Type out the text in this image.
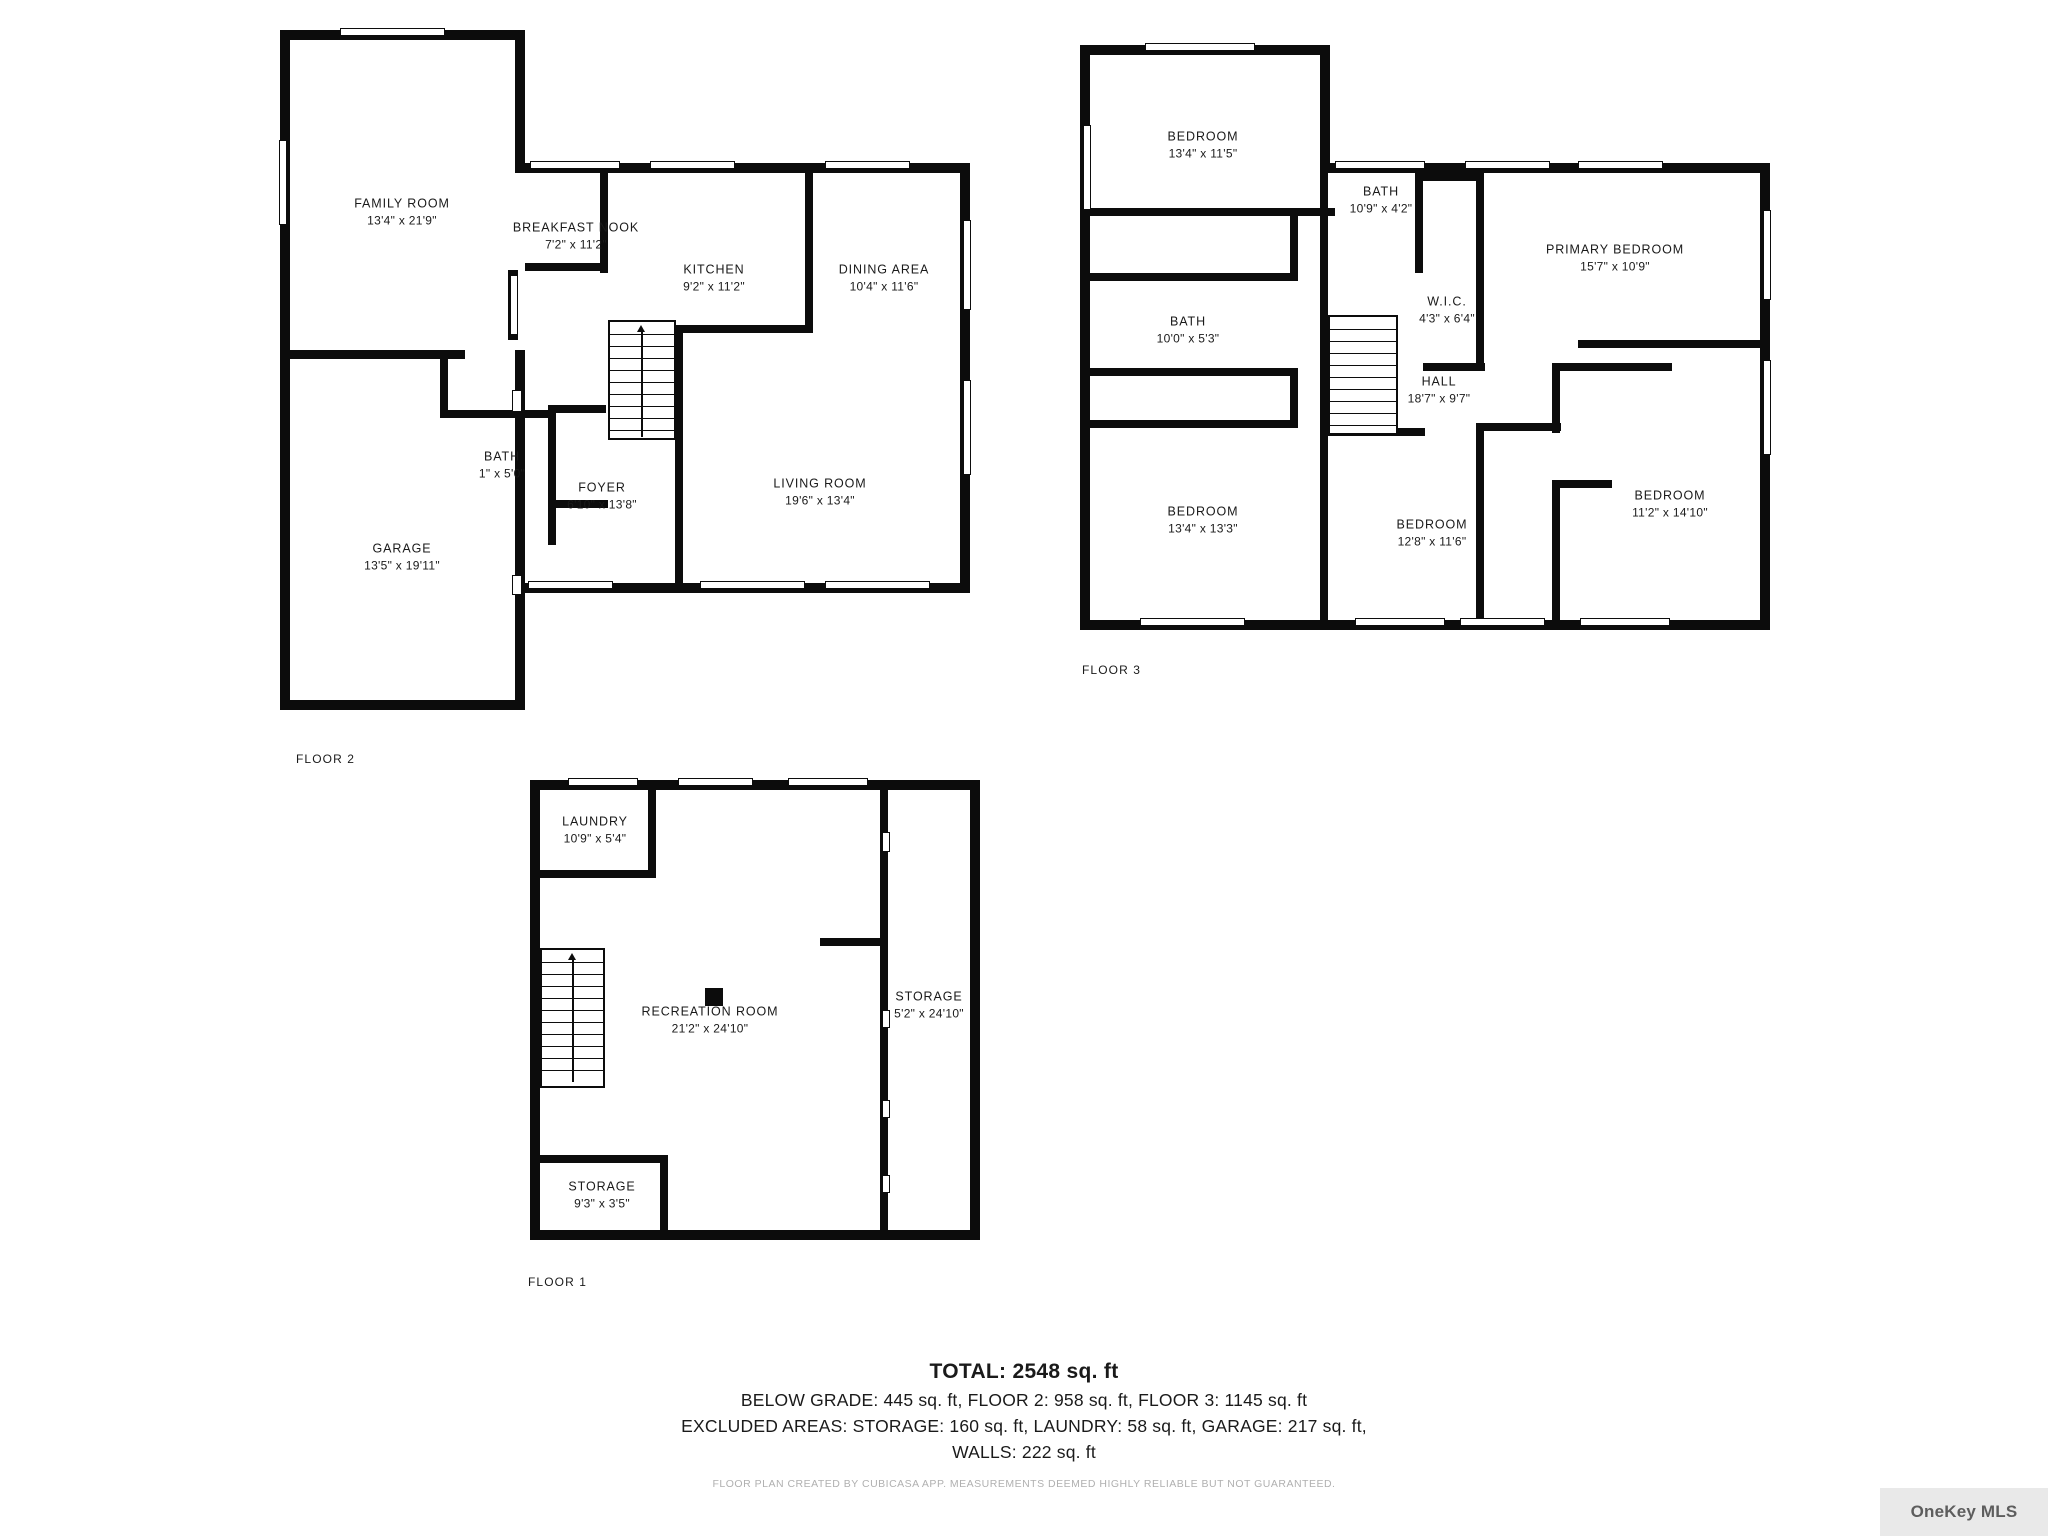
FAMILY ROOM
13'4" x 21'9"
BREAKFAST NOOK
7'2" x 11'2"
KITCHEN
9'2" x 11'2"
DINING AREA
10'4" x 11'6"
BATH
1" x 5'0"
FOYER
6'10" x 13'8"
LIVING ROOM
19'6" x 13'4"
GARAGE
13'5" x 19'11"
FLOOR 2
BEDROOM
13'4" x 11'5"
BATH
10'9" x 4'2"
PRIMARY BEDROOM
15'7" x 10'9"
BATH
10'0" x 5'3"
W.I.C.
4'3" x 6'4"
HALL
18'7" x 9'7"
BEDROOM
11'2" x 14'10"
BEDROOM
13'4" x 13'3"	BEDROOM
12'8" x 11'6"
FLOOR 3
LAUNDRY
10'9" x 5'4"
RECREATION ROOM
21'2" x 24'10"
STORAGE
5'2" x 24'10"
STORAGE
9'3" x 3'5"
FLOOR 1
TOTAL: 2548 sq. ft
BELOW GRADE: 445 sq. ft, FLOOR 2: 958 sq. ft, FLOOR 3: 1145 sq. ft
EXCLUDED AREAS: STORAGE: 160 sq. ft, LAUNDRY: 58 sq. ft, GARAGE: 217 sq. ft,
WALLS: 222 sq. ft
FLOOR PLAN CREATED BY CUBICASA APP. MEASUREMENTS DEEMED HIGHLY RELIABLE BUT NOT GUARANTEED.
OneKey MLS
